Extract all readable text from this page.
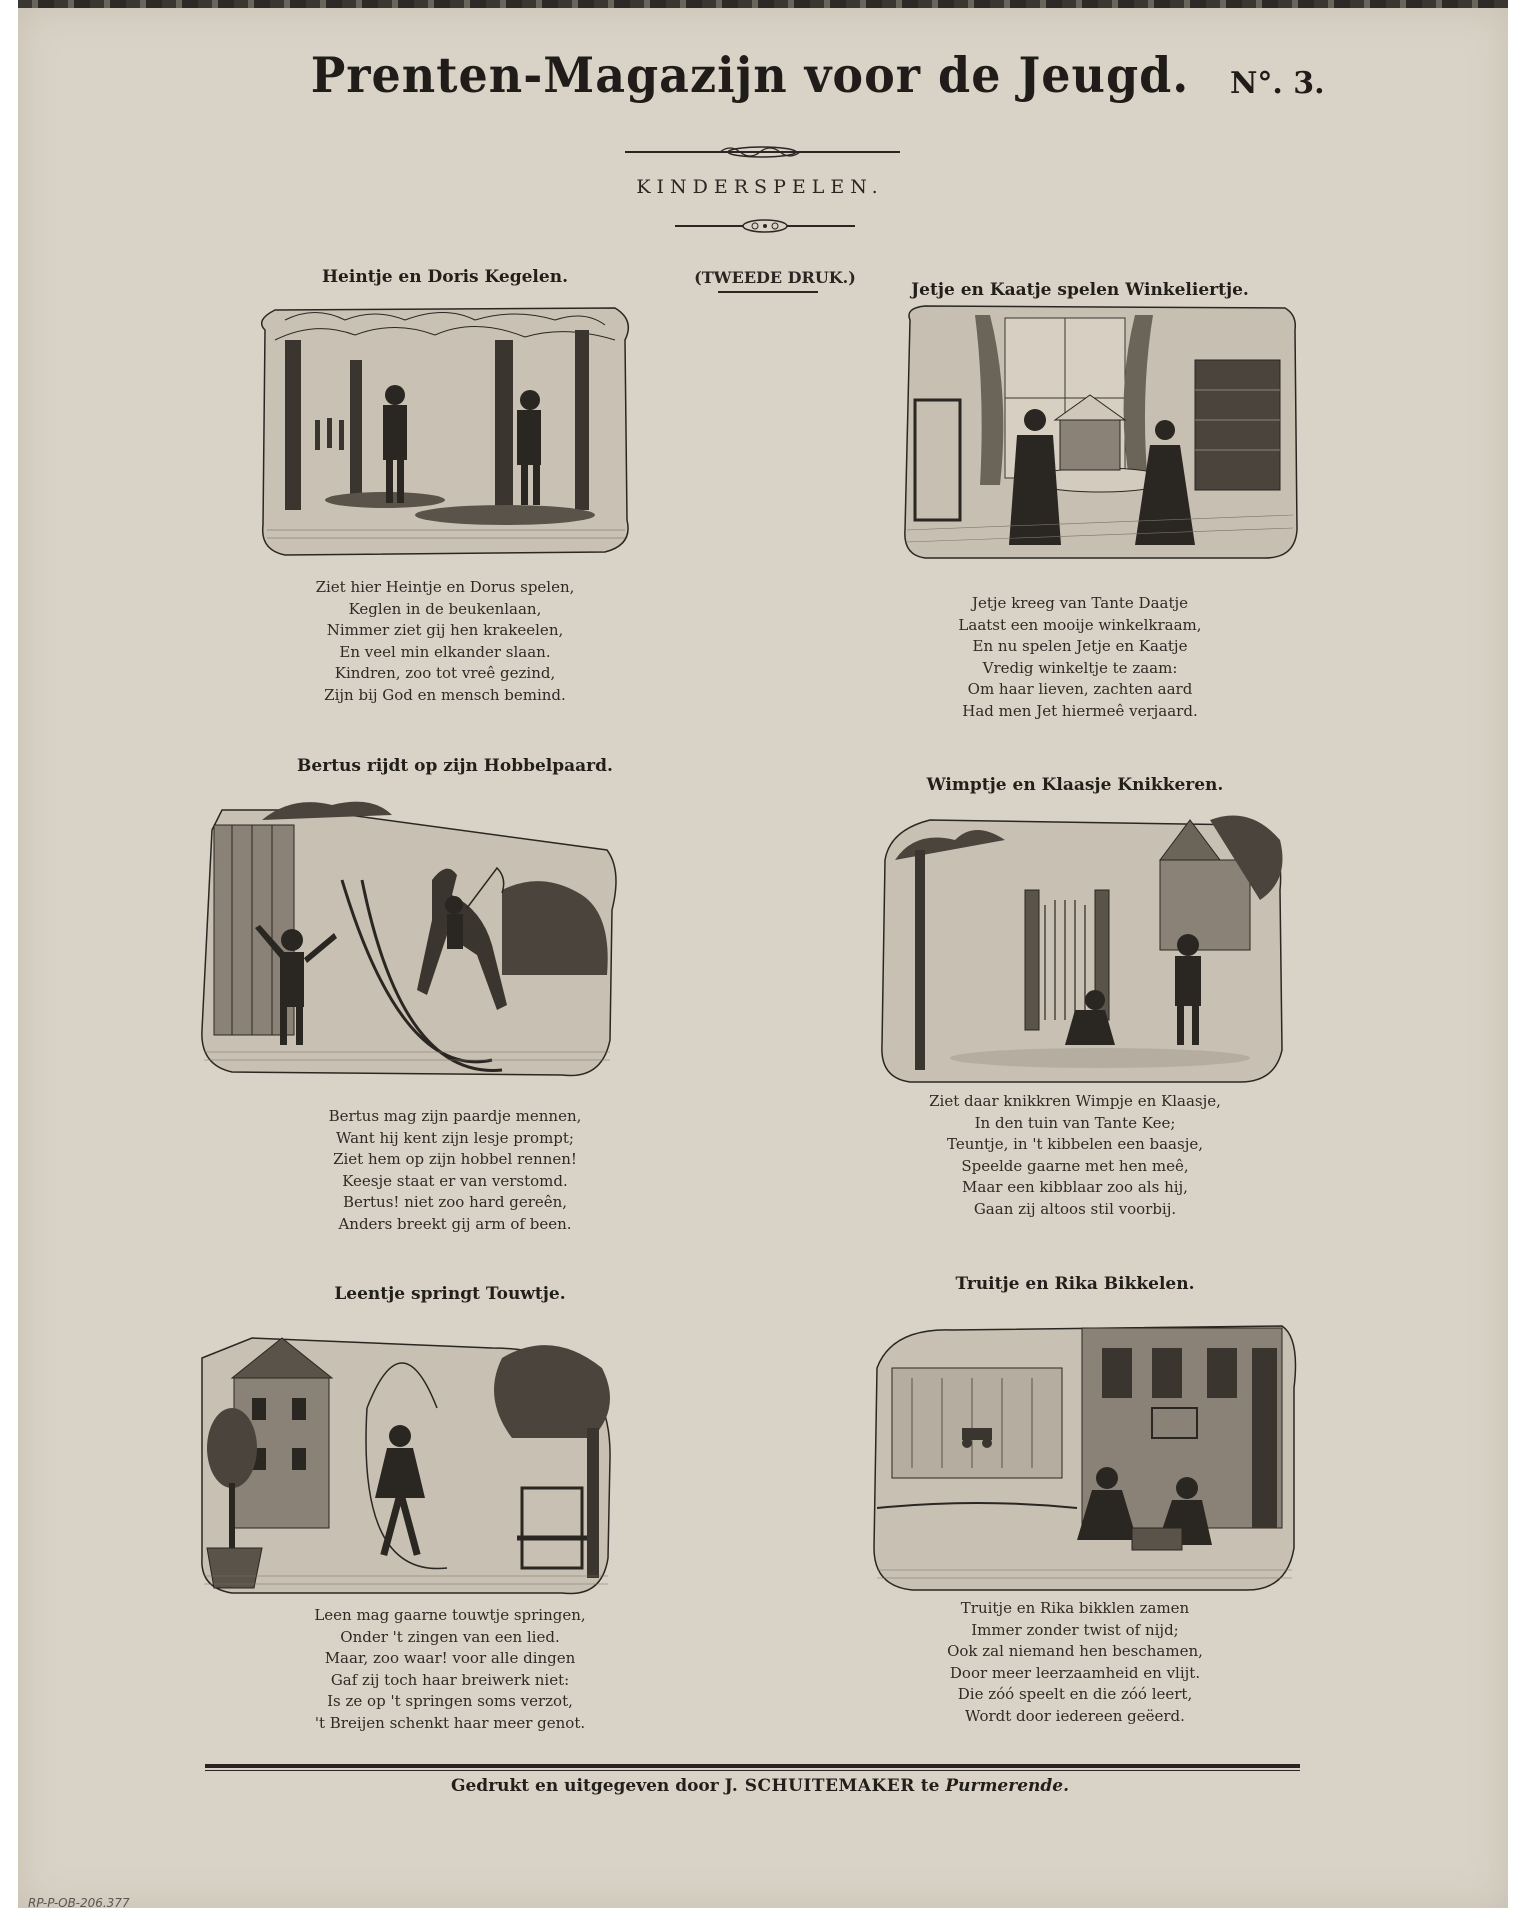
Prenten-Magazijn voor de Jeugd.	N°. 3.
KINDERSPELEN.
(TWEEDE DRUK.)
Heintje en Doris Kegelen.
Ziet hier Heintje en Dorus spelen,
Keglen in de beukenlaan,
Nimmer ziet gij hen krakeelen,
En veel min elkander slaan.
Kindren, zoo tot vreê gezind,
Zijn bij God en mensch bemind.
Jetje en Kaatje spelen Winkeliertje.
Jetje kreeg van Tante Daatje
Laatst een mooije winkelkraam,
En nu spelen Jetje en Kaatje
Vredig winkeltje te zaam:
Om haar lieven, zachten aard
Had men Jet hiermeê verjaard.
Bertus rijdt op zijn Hobbelpaard.
Bertus mag zijn paardje mennen,
Want hij kent zijn lesje prompt;
Ziet hem op zijn hobbel rennen!
Keesje staat er van verstomd.
Bertus! niet zoo hard gereên,
Anders breekt gij arm of been.
Wimptje en Klaasje Knikkeren.
Ziet daar knikkren Wimpje en Klaasje,
In den tuin van Tante Kee;
Teuntje, in 't kibbelen een baasje,
Speelde gaarne met hen meê,
Maar een kibblaar zoo als hij,
Gaan zij altoos stil voorbij.
Leentje springt Touwtje.
Leen mag gaarne touwtje springen,
Onder 't zingen van een lied.
Maar, zoo waar! voor alle dingen
Gaf zij toch haar breiwerk niet:
Is ze op 't springen soms verzot,
't Breijen schenkt haar meer genot.
Truitje en Rika Bikkelen.
Truitje en Rika bikklen zamen
Immer zonder twist of nijd;
Ook zal niemand hen beschamen,
Door meer leerzaamheid en vlijt.
Die zóó speelt en die zóó leert,
Wordt door iedereen geëerd.
Gedrukt en uitgegeven door J. SCHUITEMAKER te Purmerende.
RP-P-OB-206.377
